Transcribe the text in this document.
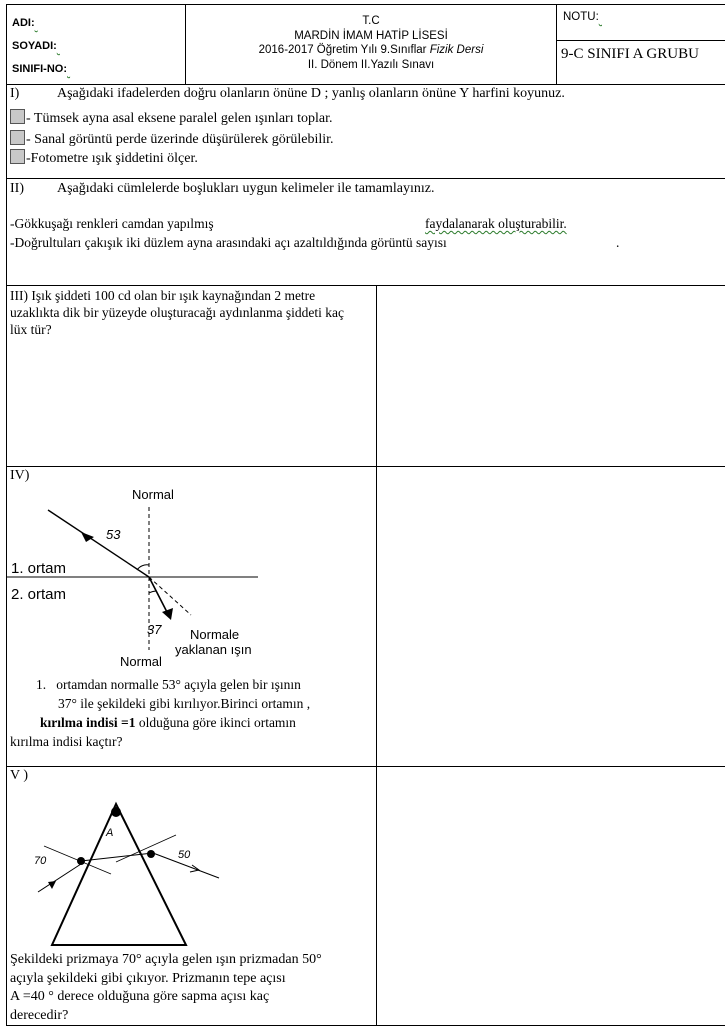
ADI:
SOYADI:
SINIFI-NO:
T.C
MARDİN İMAM HATİP LİSESİ
2016-2017 Öğretim Yılı 9.Sınıflar Fizik Dersi
II. Dönem II.Yazılı Sınavı
NOTU:
9-C SINIFI A GRUBU
I)	Aşağıdaki ifadelerden doğru olanların önüne D ; yanlış olanların önüne Y harfini koyunuz.
- Tümsek ayna asal eksene paralel gelen ışınları toplar.
- Sanal görüntü perde üzerinde düşürülerek görülebilir.
-Fotometre ışık şiddetini ölçer.
II) Aşağıdaki cümlelerde boşlukları uygun kelimeler ile tamamlayınız.
-Gökkuşağı renkleri camdan yapılmış	faydalanarak oluşturabilir.
-Doğrultuları çakışık iki düzlem ayna arasındaki açı azaltıldığında görüntü sayısı	.
III) Işık şiddeti 100 cd olan bir ışık kaynağından 2 metre uzaklıkta dik bir yüzeyde oluşturacağı aydınlanma şiddeti kaç lüx tür?
IV)
Normal
53
1. ortam
2. ortam
37
Normal
Normale
yaklanan ışın
1. ortamdan normalle 53° açıyla gelen bir ışının
37° ile şekildeki gibi kırılıyor.Birinci ortamın ,
kırılma indisi =1 olduğuna göre ikinci ortamın
kırılma indisi kaçtır?
V )
A
70	50
Şekildeki prizmaya 70° açıyla gelen ışın prizmadan 50°
açıyla şekildeki gibi çıkıyor. Prizmanın tepe açısı
A =40 ° derece olduğuna göre sapma açısı kaç
derecedir?
